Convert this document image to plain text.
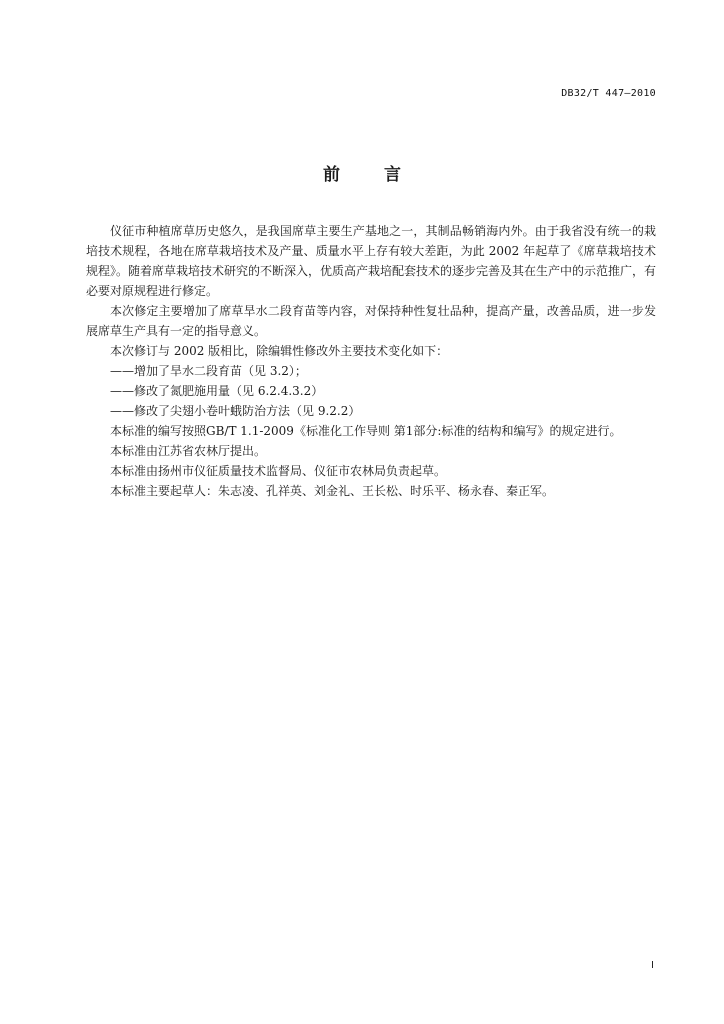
DB32/T 447—2010
前	言

仪征市种植席草历史悠久，是我国席草主要生产基地之一，其制品畅销海内外。由于我省没有统一的栽培技术规程，各地在席草栽培技术及产量、质量水平上存有较大差距，为此 2002 年起草了《席草栽培技术规程》。随着席草栽培技术研究的不断深入，优质高产栽培配套技术的逐步完善及其在生产中的示范推广，有必要对原规程进行修定。

本次修定主要增加了席草旱水二段育苗等内容，对保持种性复壮品种，提高产量，改善品质，进一步发展席草生产具有一定的指导意义。

本次修订与 2002 版相比，除编辑性修改外主要技术变化如下：

——增加了旱水二段育苗（见 3.2）；

——修改了氮肥施用量（见 6.2.4.3.2）

——修改了尖翅小卷叶蛾防治方法（见 9.2.2）

本标准的编写按照GB/T 1.1-2009《标准化工作导则 第1部分:标准的结构和编写》的规定进行。

本标准由江苏省农林厅提出。

本标准由扬州市仪征质量技术监督局、仪征市农林局负责起草。

本标准主要起草人：朱志凌、孔祥英、刘金礼、王长松、时乐平、杨永春、秦正军。

I
